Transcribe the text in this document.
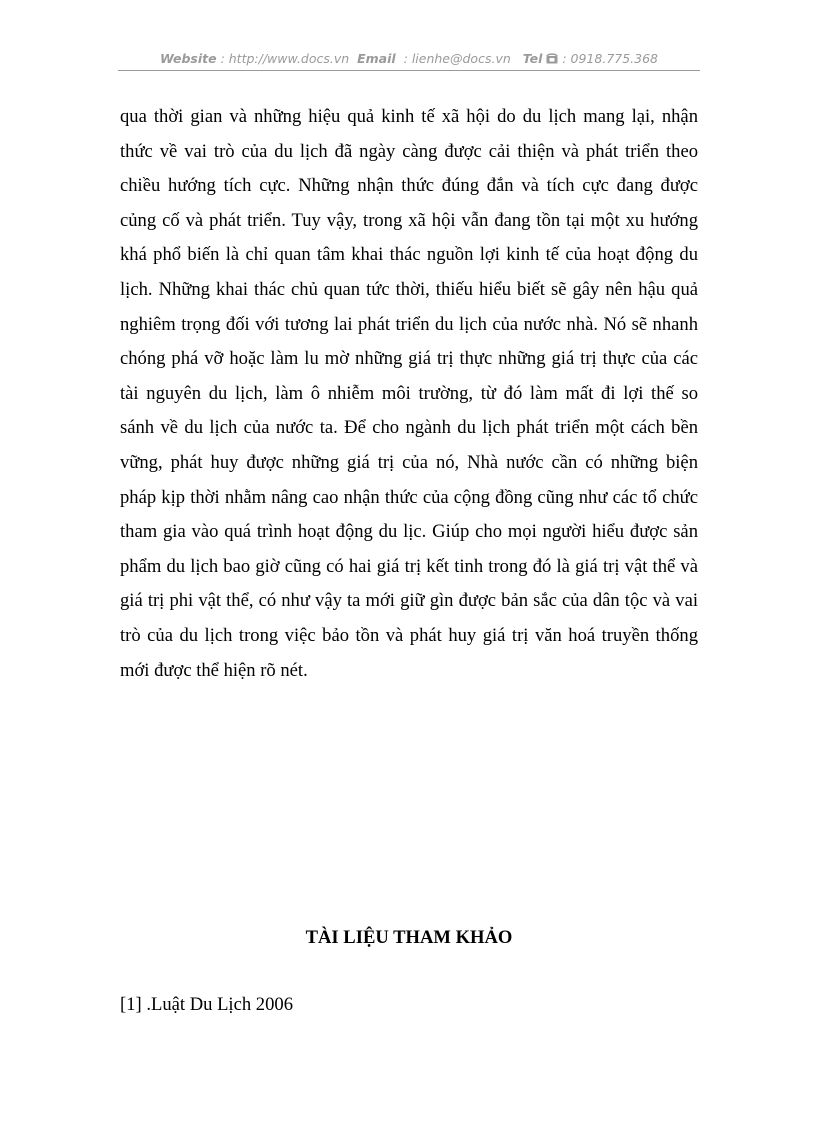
Website : http://www.docs.vn Email : lienhe@docs.vn Tel : 0918.775.368
qua thời gian và những hiệu quả kinh tế xã hội do du lịch mang lại, nhận
thức về vai trò của du lịch đã ngày càng được cải thiện và phát triển theo
chiều hướng tích cực. Những nhận thức đúng đắn và tích cực đang được
củng cố và phát triển. Tuy vậy, trong xã hội vẫn đang tồn tại một xu hướng
khá phổ biến là chỉ quan tâm khai thác nguồn lợi kinh tế của hoạt động du
lịch. Những khai thác chủ quan tức thời, thiếu hiểu biết sẽ gây nên hậu quả
nghiêm trọng đối với tương lai phát triển du lịch của nước nhà. Nó sẽ nhanh
chóng phá vỡ hoặc làm lu mờ những giá trị thực những giá trị thực của các
tài nguyên du lịch, làm ô nhiễm môi trường, từ đó làm mất đi lợi thế so
sánh về du lịch của nước ta. Để cho ngành du lịch phát triển một cách bền
vững, phát huy được những giá trị của nó, Nhà nước cần có những biện
pháp kịp thời nhằm nâng cao nhận thức của cộng đồng cũng như các tổ chức
tham gia vào quá trình hoạt động du lịc. Giúp cho mọi người hiểu được sản
phẩm du lịch bao giờ cũng có hai giá trị kết tinh trong đó là giá trị vật thể và
giá trị phi vật thể, có như vậy ta mới giữ gìn được bản sắc của dân tộc và vai
trò của du lịch trong việc bảo tồn và phát huy giá trị văn hoá truyền thống
mới được thể hiện rõ nét.
TÀI LIỆU THAM KHẢO
[1] .Luật Du Lịch 2006
